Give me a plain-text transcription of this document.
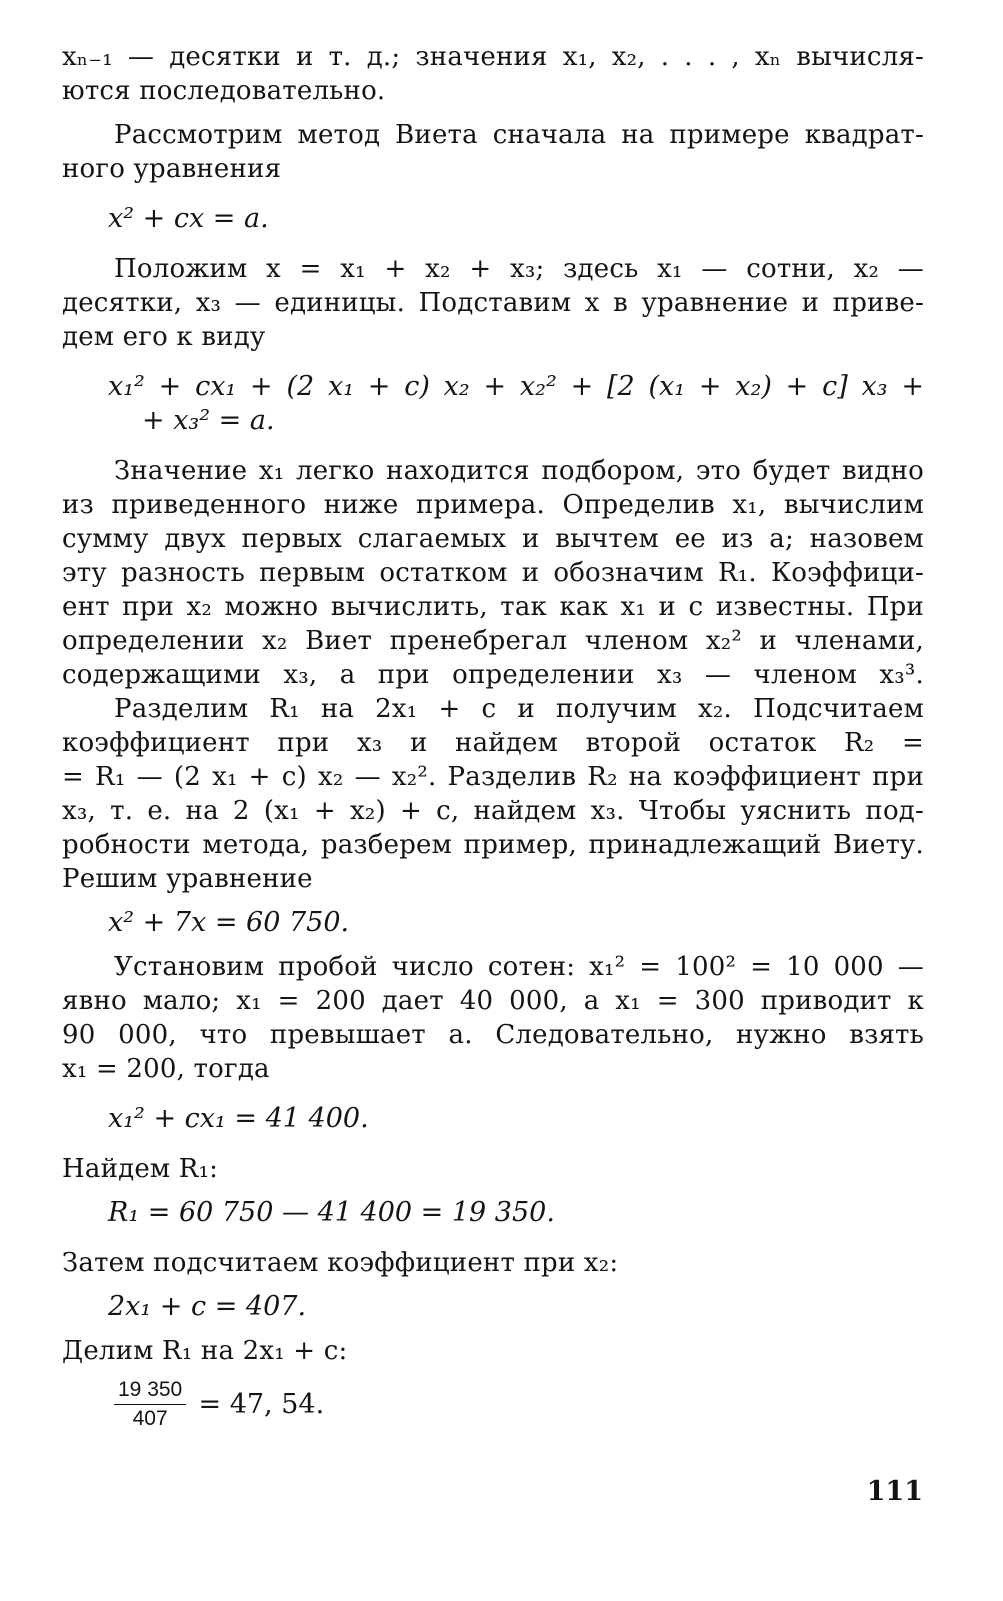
xₙ₋₁ — десятки и т. д.; значения x₁, x₂, . . . , xₙ вычисля-
ются последовательно.
Рассмотрим метод Виета сначала на примере квадрат-
ного уравнения
x² + cx = a.
Положим x = x₁ + x₂ + x₃; здесь x₁ — сотни, x₂ —
десятки, x₃ — единицы. Подставим x в уравнение и приве-
дем его к виду
x₁² + cx₁ + (2 x₁ + c) x₂ + x₂² + [2 (x₁ + x₂) + c] x₃ +
+ x₃² = a.
Значение x₁ легко находится подбором, это будет видно
из приведенного ниже примера. Определив x₁, вычислим
сумму двух первых слагаемых и вычтем ее из a; назовем
эту разность первым остатком и обозначим R₁. Коэффици-
ент при x₂ можно вычислить, так как x₁ и c известны. При
определении x₂ Виет пренебрегал членом x₂² и членами,
содержащими x₃, а при определении x₃ — членом x₃³.
Разделим R₁ на 2x₁ + c и получим x₂. Подсчитаем
коэффициент при x₃ и найдем второй остаток R₂ =
= R₁ — (2 x₁ + c) x₂ — x₂². Разделив R₂ на коэффициент при
x₃, т. е. на 2 (x₁ + x₂) + c, найдем x₃. Чтобы уяснить под-
робности метода, разберем пример, принадлежащий Виету.
Решим уравнение
x² + 7x = 60 750.
Установим пробой число сотен: x₁² = 100² = 10 000 —
явно мало; x₁ = 200 дает 40 000, а x₁ = 300 приводит к
90 000, что превышает a. Следовательно, нужно взять
x₁ = 200, тогда
x₁² + cx₁ = 41 400.
Найдем R₁:
R₁ = 60 750 — 41 400 = 19 350.
Затем подсчитаем коэффициент при x₂:
2x₁ + c = 407.
Делим R₁ на 2x₁ + c:
$\frac{19 350}{407} = 47$, 54.
111
